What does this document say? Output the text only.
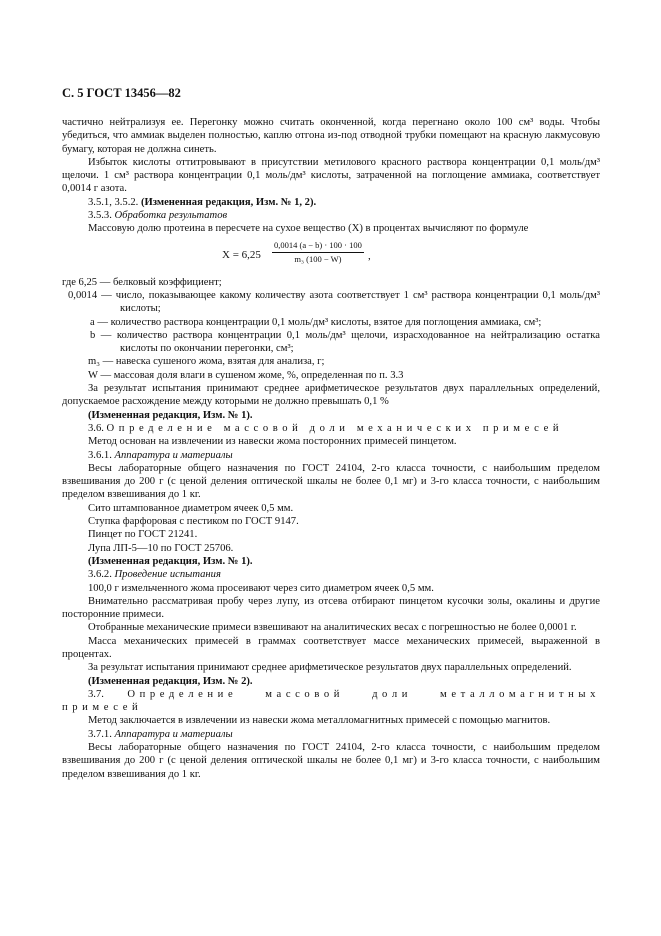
С. 5 ГОСТ 13456—82

частично нейтрализуя ее. Перегонку можно считать оконченной, когда перегнано около 100 см³ воды. Чтобы убедиться, что аммиак выделен полностью, каплю отгона из-под отводной трубки помещают на красную лакмусовую бумагу, которая не должна синеть.

Избыток кислоты оттитровывают в присутствии метилового красного раствора концентрации 0,1 моль/дм³ щелочи. 1 см³ раствора концентрации 0,1 моль/дм³ кислоты, затраченной на поглощение аммиака, соответствует 0,0014 г азота.

3.5.1, 3.5.2. (Измененная редакция, Изм. № 1, 2).

3.5.3. Обработка результатов

Массовую долю протеина в пересчете на сухое вещество (X) в процентах вычисляют по формуле

$X = 6,25 \frac{0,0014 (a - b) \cdot 100 \cdot 100}{\text{m₃ (100 − W)}}$ ,

где 6,25 — белковый коэффициент;

0,0014 — число, показывающее какому количеству азота соответствует 1 см³ раствора концентрации 0,1 моль/дм³ кислоты;

a — количество раствора концентрации 0,1 моль/дм³ кислоты, взятое для поглощения аммиака, см³;

b — количество раствора концентрации 0,1 моль/дм³ щелочи, израсходованное на нейтрализацию остатка кислоты по окончании перегонки, см³;

m₃ — навеска сушеного жома, взятая для анализа, г;

W — массовая доля влаги в сушеном жоме, %, определенная по п. 3.3

За результат испытания принимают среднее арифметическое результатов двух параллельных определений, допускаемое расхождение между которыми не должно превышать 0,1 %

(Измененная редакция, Изм. № 1).

3.6. Определение массовой доли механических примесей

Метод основан на извлечении из навески жома посторонних примесей пинцетом.

3.6.1. Аппаратура и материалы

Весы лабораторные общего назначения по ГОСТ 24104, 2-го класса точности, с наибольшим пределом взвешивания до 200 г (с ценой деления оптической шкалы не более 0,1 мг) и 3-го класса точности, с наибольшим пределом взвешивания до 1 кг.

Сито штампованное диаметром ячеек 0,5 мм.

Ступка фарфоровая с пестиком по ГОСТ 9147.

Пинцет по ГОСТ 21241.

Лупа ЛП-5—10 по ГОСТ 25706.

(Измененная редакция, Изм. № 1).

3.6.2. Проведение испытания

100,0 г измельченного жома просеивают через сито диаметром ячеек 0,5 мм.

Внимательно рассматривая пробу через лупу, из отсева отбирают пинцетом кусочки золы, окалины и другие посторонние примеси.

Отобранные механические примеси взвешивают на аналитических весах с погрешностью не более 0,0001 г.

Масса механических примесей в граммах соответствует массе механических примесей, выраженной в процентах.

За результат испытания принимают среднее арифметическое результатов двух параллельных определений.

(Измененная редакция, Изм. № 2).

3.7. Определение массовой доли металломагнитных примесей

Метод заключается в извлечении из навески жома металломагнитных примесей с помощью магнитов.

3.7.1. Аппаратура и материалы

Весы лабораторные общего назначения по ГОСТ 24104, 2-го класса точности, с наибольшим пределом взвешивания до 200 г (с ценой деления оптической шкалы не более 0,1 мг) и 3-го класса точности, с наибольшим пределом взвешивания до 1 кг.
